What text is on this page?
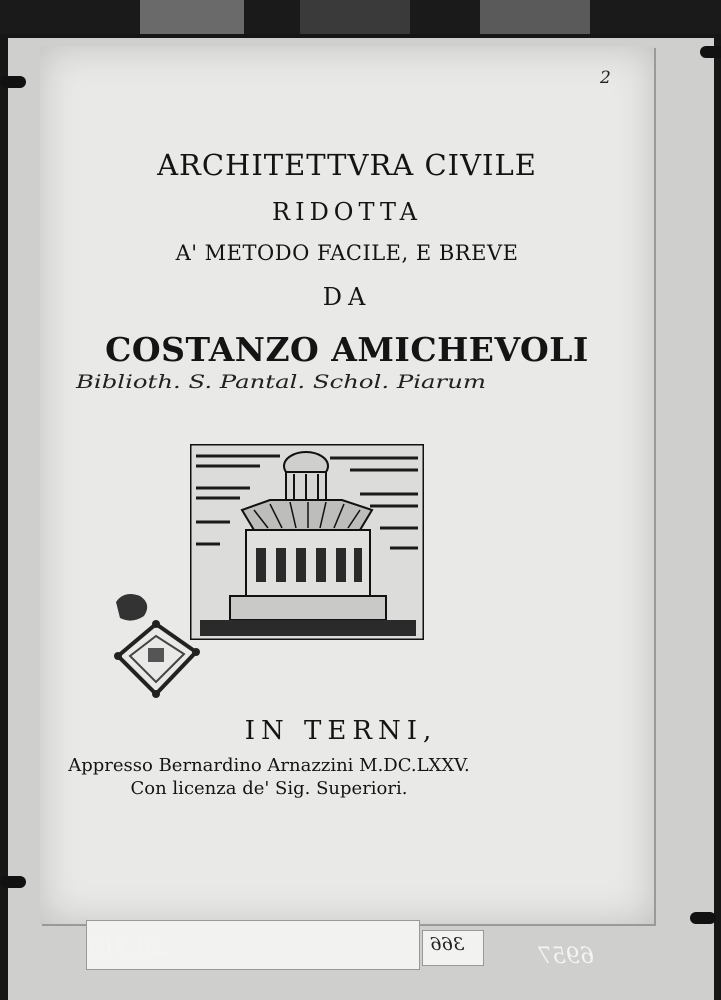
2
ARCHITETTVRA CIVILE
RIDOTTA
A' METODO FACILE, E BREVE
DA
COSTANZO AMICHEVOLI
Biblioth. S. Pantal. Schol. Piarum
IN TERNI,
Appresso Bernardino Arnazzini M.DC.LXXV.
Con licenza de' Sig. Superiori.
28.315	366	6957
